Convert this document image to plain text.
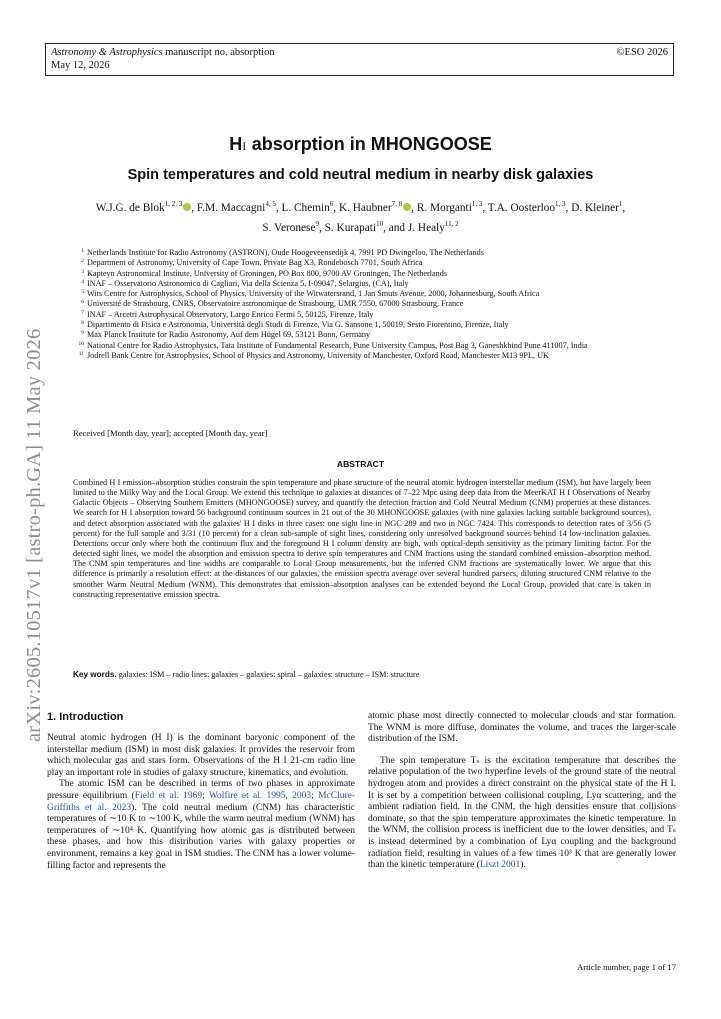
Astronomy & Astrophysics manuscript no. absorption
May 12, 2026
©ESO 2026
arXiv:2605.10517v1 [astro-ph.GA] 11 May 2026
HI absorption in MHONGOOSE
Spin temperatures and cold neutral medium in nearby disk galaxies
W.J.G. de Blok$^{1, 2, 3}$ , F.M. Maccagni$^{4, 5}$, L. Chemin$^6$, K. Haubner$^{7, 8}$ , R. Morganti$^{1, 3}$, T.A. Oosterloo$^{1, 3}$, D. Kleiner$^1$,
S. Veronese$^9$, S. Kurapati$^{10}$, and J. Healy$^{11, 2}$
1 Netherlands Institute for Radio Astronomy (ASTRON), Oude Hoogeveensedijk 4, 7991 PD Dwingeloo, The Netherlands
2 Department of Astronomy, University of Cape Town, Private Bag X3, Rondebosch 7701, South Africa
3 Kapteyn Astronomical Institute, University of Groningen, PO Box 800, 9700 AV Groningen, The Netherlands
4 INAF – Osservatorio Astronomico di Cagliari, Via della Scienza 5, I-09047, Selargius, (CA), Italy
5 Wits Centre for Astrophysics, School of Physics, University of the Witwatersrand, 1 Jan Smuts Avenue, 2000, Johannesburg, South Africa
6 Université de Strasbourg, CNRS, Observatoire astronomique de Strasbourg, UMR 7550, 67000 Strasbourg, France
7 INAF – Arcetri Astrophysical Observatory, Largo Enrico Fermi 5, 50125, Firenze, Italy
8 Dipartimento di Fisica e Astronomia, Università degli Studi di Firenze, Via G. Sansone 1, 50019, Sesto Fiorentino, Firenze, Italy
9 Max Planck Institute for Radio Astronomy, Auf dem Hügel 69, 53121 Bonn, Germany
10 National Centre for Radio Astrophysics, Tata Institute of Fundamental Research, Pune University Campus, Post Bag 3, Ganeshkhind Pune 411007, India
11 Jodrell Bank Centre for Astrophysics, School of Physics and Astronomy, University of Manchester, Oxford Road, Manchester M13 9PL, UK
Received [Month day, year]; accepted [Month day, year]
ABSTRACT
Combined H I emission–absorption studies constrain the spin temperature and phase structure of the neutral atomic hydrogen interstellar medium (ISM), but have largely been limited to the Milky Way and the Local Group. We extend this technique to galaxies at distances of 7–22 Mpc using deep data from the MeerKAT H I Observations of Nearby Galactic Objects – Observing Southern Emitters (MHONGOOSE) survey, and quantify the detection fraction and Cold Neutral Medium (CNM) properties at these distances. We search for H I absorption toward 56 background continuum sources in 21 out of the 30 MHONGOOSE galaxies (with nine galaxies lacking suitable background sources), and detect absorption associated with the galaxies' H I disks in three cases: one sight line in NGC 289 and two in NGC 7424. This corresponds to detection rates of 3/56 (5 percent) for the full sample and 3/31 (10 percent) for a clean sub-sample of sight lines, considering only unresolved background sources behind 14 low-inclination galaxies. Detections occur only where both the continuum flux and the foreground H I column density are high, with optical-depth sensitivity as the primary limiting factor. For the detected sight lines, we model the absorption and emission spectra to derive spin temperatures and CNM fractions using the standard combined emission–absorption method. The CNM spin temperatures and line widths are comparable to Local Group measurements, but the inferred CNM fractions are systematically lower. We argue that this difference is primarily a resolution effect: at the distances of our galaxies, the emission spectra average over several hundred parsecs, diluting structured CNM relative to the smoother Warm Neutral Medium (WNM). This demonstrates that emission–absorption analyses can be extended beyond the Local Group, provided that care is taken in constructing representative emission spectra.
Key words. galaxies: ISM – radio lines: galaxies – galaxies: spiral – galaxies: structure – ISM: structure
1. Introduction

Neutral atomic hydrogen (H I) is the dominant baryonic component of the interstellar medium (ISM) in most disk galaxies. It provides the reservoir from which molecular gas and stars form. Observations of the H I 21-cm radio line play an important role in studies of galaxy structure, kinematics, and evolution.

The atomic ISM can be described in terms of two phases in approximate pressure equilibrium (Field et al. 1969; Wolfire et al. 1995, 2003; McClure-Griffiths et al. 2023). The cold neutral medium (CNM) has characteristic temperatures of ∼10 K to ∼100 K, while the warm neutral medium (WNM) has temperatures of ∼10⁴ K. Quantifying how atomic gas is distributed between these phases, and how this distribution varies with galaxy properties or environment, remains a key goal in ISM studies. The CNM has a lower volume-filling factor and represents the

atomic phase most directly connected to molecular clouds and star formation. The WNM is more diffuse, dominates the volume, and traces the larger-scale distribution of the ISM.

The spin temperature Tₛ is the excitation temperature that describes the relative population of the two hyperfine levels of the ground state of the neutral hydrogen atom and provides a direct constraint on the physical state of the H I. It is set by a competition between collisional coupling, Lyα scattering, and the ambient radiation field. In the CNM, the high densities ensure that collisions dominate, so that the spin temperature approximates the kinetic temperature. In the WNM, the collision process is inefficient due to the lower densities, and Tₛ is instead determined by a combination of Lyα coupling and the background radiation field, resulting in values of a few times 10³ K that are generally lower than the kinetic temperature (Liszt 2001).

Article number, page 1 of 17
